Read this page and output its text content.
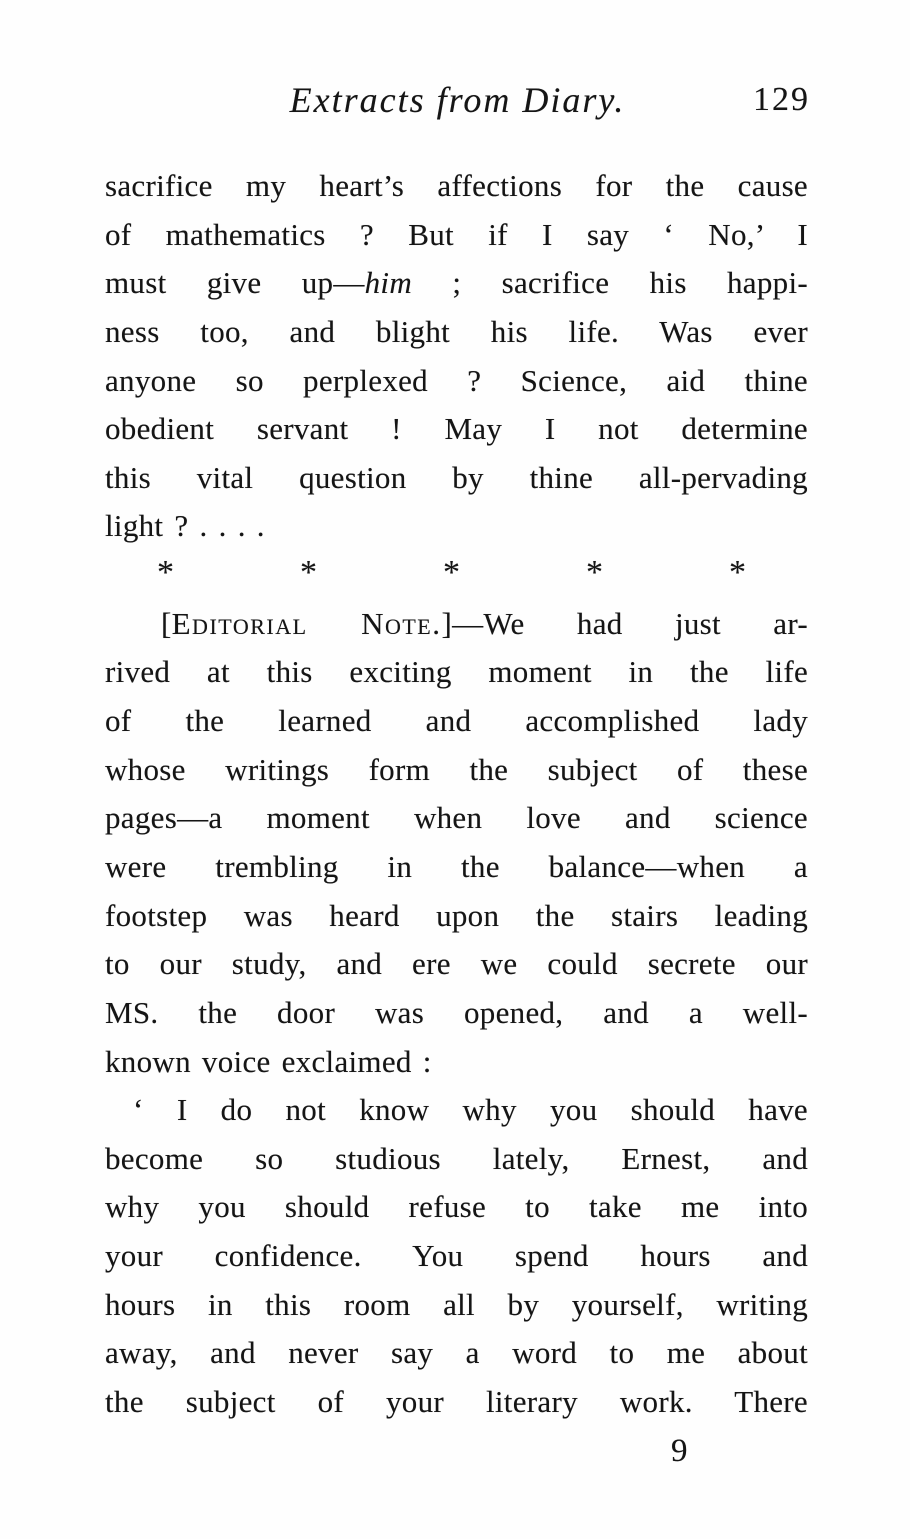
Extracts from Diary.	129
sacrifice my heart’s affections for the cause
of mathematics ? But if I say ‘ No,’ I
must give up—him ; sacrifice his happi-
ness too, and blight his life. Was ever
anyone so perplexed ? Science, aid thine
obedient servant ! May I not determine
this vital question by thine all-pervading
light ? . . . .
*	*	*	*	*
[Editorial Note.]—We had just ar-
rived at this exciting moment in the life
of the learned and accomplished lady
whose writings form the subject of these
pages—a moment when love and science
were trembling in the balance—when a
footstep was heard upon the stairs leading
to our study, and ere we could secrete our
MS. the door was opened, and a well-
known voice exclaimed :
‘ I do not know why you should have
become so studious lately, Ernest, and
why you should refuse to take me into
your confidence. You spend hours and
hours in this room all by yourself, writing
away, and never say a word to me about
the subject of your literary work. There
9
